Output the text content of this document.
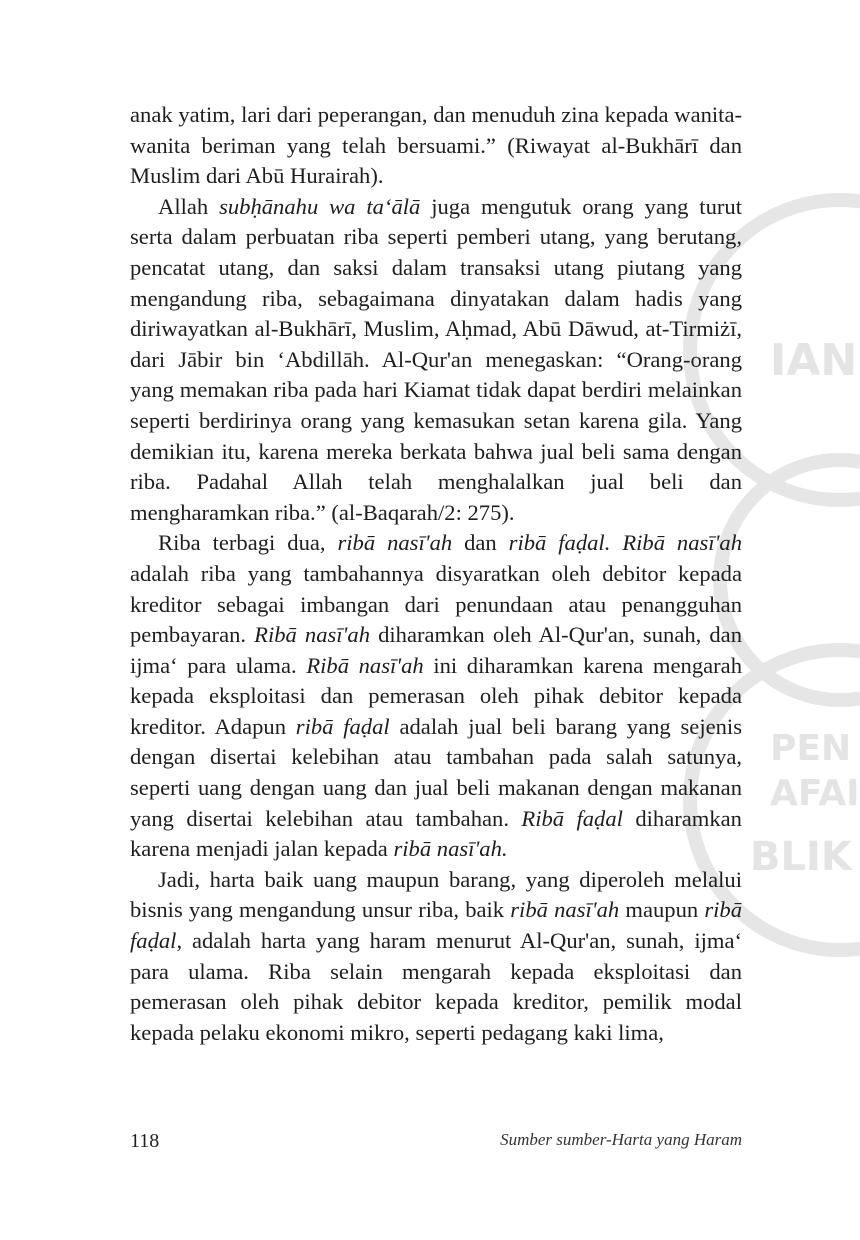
IAN
PEN
AFAI
BLIK

anak yatim, lari dari peperangan, dan menuduh zina kepada wanita-wanita beriman yang telah bersuami.” (Riwayat al-Bukhārī dan Muslim dari Abū Hurairah).

Allah subḥānahu wa ta‘ālā juga mengutuk orang yang turut serta dalam perbuatan riba seperti pemberi utang, yang berutang, pencatat utang, dan saksi dalam transaksi utang piutang yang mengandung riba, sebagaimana dinyatakan dalam hadis yang diriwayatkan al-Bukhārī, Muslim, Aḥmad, Abū Dāwud, at-Tirmiżī, dari Jābir bin ‘Abdillāh. Al-Qur'an menegaskan: “Orang-orang yang memakan riba pada hari Kiamat tidak dapat berdiri melainkan seperti berdirinya orang yang kemasukan setan karena gila. Yang demikian itu, karena mereka berkata bahwa jual beli sama dengan riba. Padahal Allah telah menghalalkan jual beli dan mengharamkan riba.” (al-Baqarah/2: 275).

Riba terbagi dua, ribā nasī'ah dan ribā faḍal. Ribā nasī'ah adalah riba yang tambahannya disyaratkan oleh debitor kepada kreditor sebagai imbangan dari penundaan atau penangguhan pembayaran. Ribā nasī'ah diharamkan oleh Al-Qur'an, sunah, dan ijma‘ para ulama. Ribā nasī'ah ini diharamkan karena mengarah kepada eksploitasi dan pemerasan oleh pihak debitor kepada kreditor. Adapun ribā faḍal adalah jual beli barang yang sejenis dengan disertai kelebihan atau tambahan pada salah satunya, seperti uang dengan uang dan jual beli makanan dengan makanan yang disertai kelebihan atau tambahan. Ribā faḍal diharamkan karena menjadi jalan kepada ribā nasī'ah.

Jadi, harta baik uang maupun barang, yang diperoleh melalui bisnis yang mengandung unsur riba, baik ribā nasī'ah maupun ribā faḍal, adalah harta yang haram menurut Al-Qur'an, sunah, ijma‘ para ulama. Riba selain mengarah kepada eksploitasi dan pemerasan oleh pihak debitor kepada kreditor, pemilik modal kepada pelaku ekonomi mikro, seperti pedagang kaki lima,

118	Sumber sumber-Harta yang Haram
